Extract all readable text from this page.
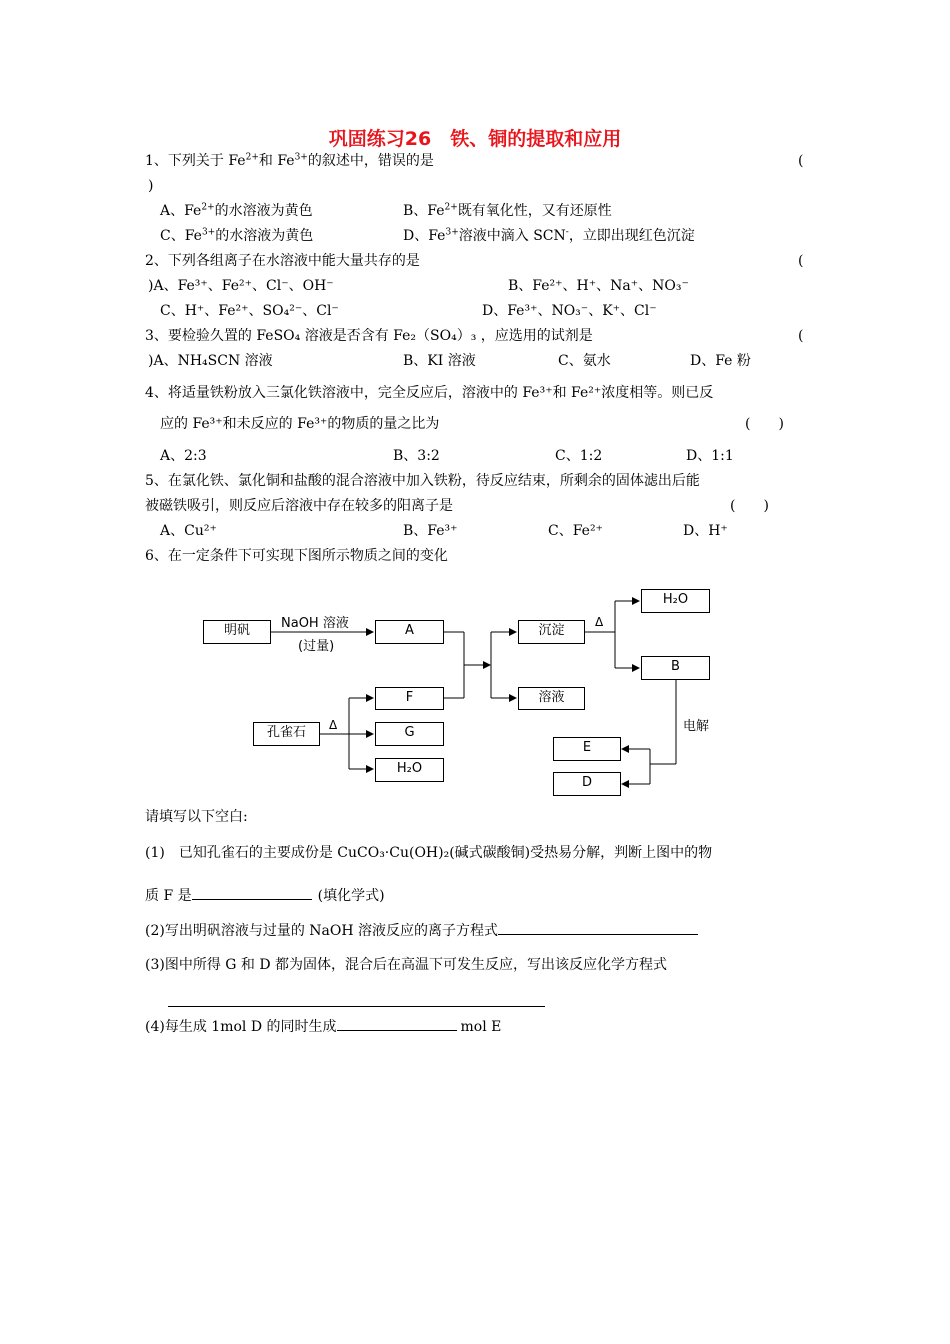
巩固练习26　铁、铜的提取和应用
1、下列关于 $Fe^{2+}$和 $Fe^{3+}$的叙述中，错误的是	(
)
A、$Fe^{2+}$的水溶液为黄色	B、$Fe^{2+}$既有氧化性，又有还原性
C、$Fe^{3+}$的水溶液为黄色	D、$Fe^{3+}$溶液中滴入 SCN-，立即出现红色沉淀
2、下列各组离子在水溶液中能大量共存的是	(
)A、Fe³⁺、Fe²⁺、Cl⁻、OH⁻	B、Fe²⁺、H⁺、Na⁺、NO₃⁻
C、H⁺、Fe²⁺、SO₄²⁻、Cl⁻	D、Fe³⁺、NO₃⁻、K⁺、Cl⁻
3、要检验久置的 FeSO₄ 溶液是否含有 Fe₂（SO₄）₃ ，应选用的试剂是	(
)A、NH₄SCN 溶液	B、KI 溶液	C、氨水	D、Fe 粉
4、将适量铁粉放入三氯化铁溶液中，完全反应后，溶液中的 Fe³⁺和 Fe²⁺浓度相等。则已反
应的 Fe³⁺和未反应的 Fe³⁺的物质的量之比为	(　　)
A、2:3	B、3:2	C、1:2	D、1:1
5、在氯化铁、氯化铜和盐酸的混合溶液中加入铁粉，待反应结束，所剩余的固体滤出后能
被磁铁吸引，则反应后溶液中存在较多的阳离子是	(　　)
A、Cu²⁺	B、Fe³⁺	C、Fe²⁺	D、H⁺
6、在一定条件下可实现下图所示物质之间的变化
明矾	NaOH 溶液
(过量)
A
F
孔雀石	Δ	G
H₂O
沉淀
溶液
Δ
H₂O
B
电解
E
D
请填写以下空白:
(1)　已知孔雀石的主要成份是 CuCO₃·Cu(OH)₂(碱式碳酸铜)受热易分解，判断上图中的物
质 F 是	(填化学式)
(2)写出明矾溶液与过量的 NaOH 溶液反应的离子方程式
(3)图中所得 G 和 D 都为固体，混合后在高温下可发生反应，写出该反应化学方程式
(4)每生成 1mol D 的同时生成	mol E
